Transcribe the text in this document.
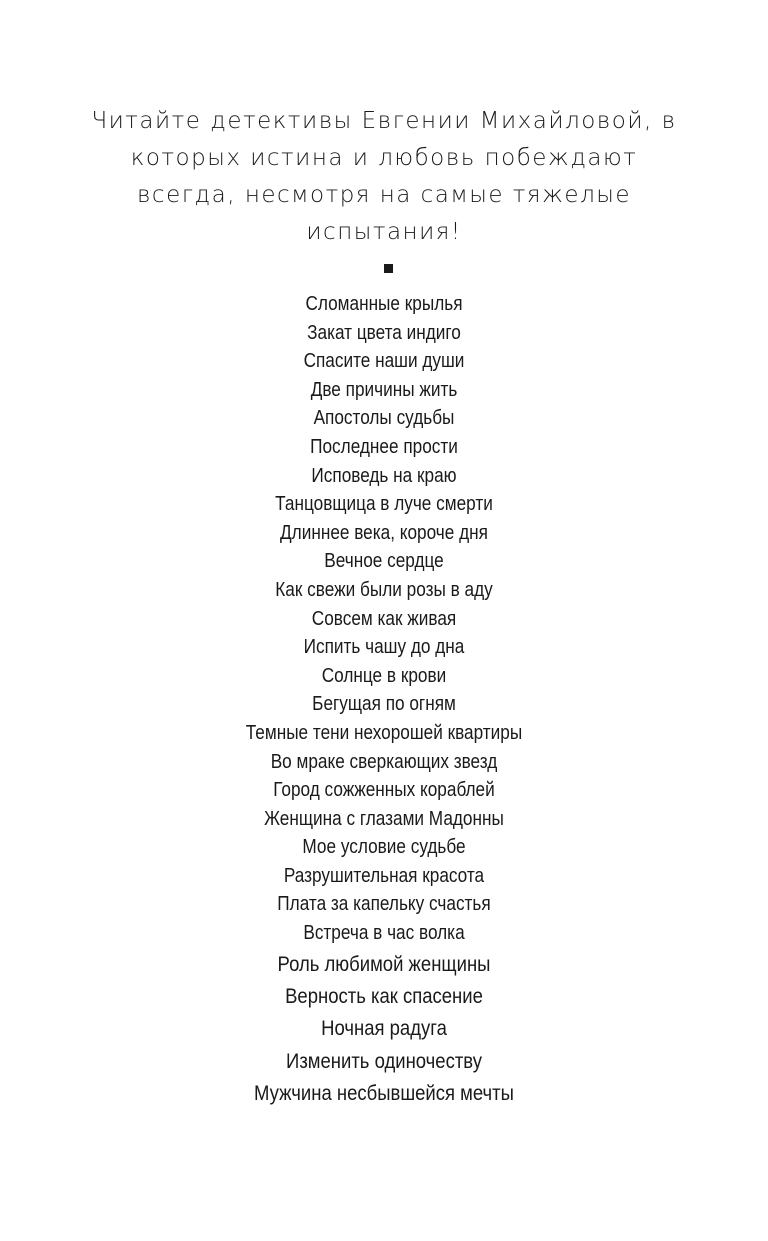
Читайте детективы Евгении Михайловой, в
которых истина и любовь побеждают
всегда, несмотря на самые тяжелые
испытания!
Сломанные крылья
Закат цвета индиго
Спасите наши души
Две причины жить
Апостолы судьбы
Последнее прости
Исповедь на краю
Танцовщица в луче смерти
Длиннее века, короче дня
Вечное сердце
Как свежи были розы в аду
Совсем как живая
Испить чашу до дна
Солнце в крови
Бегущая по огням
Темные тени нехорошей квартиры
Во мраке сверкающих звезд
Город сожженных кораблей
Женщина с глазами Мадонны
Мое условие судьбе
Разрушительная красота
Плата за капельку счастья
Встреча в час волка
Роль любимой женщины
Верность как спасение
Ночная радуга
Изменить одиночеству
Мужчина несбывшейся мечты
